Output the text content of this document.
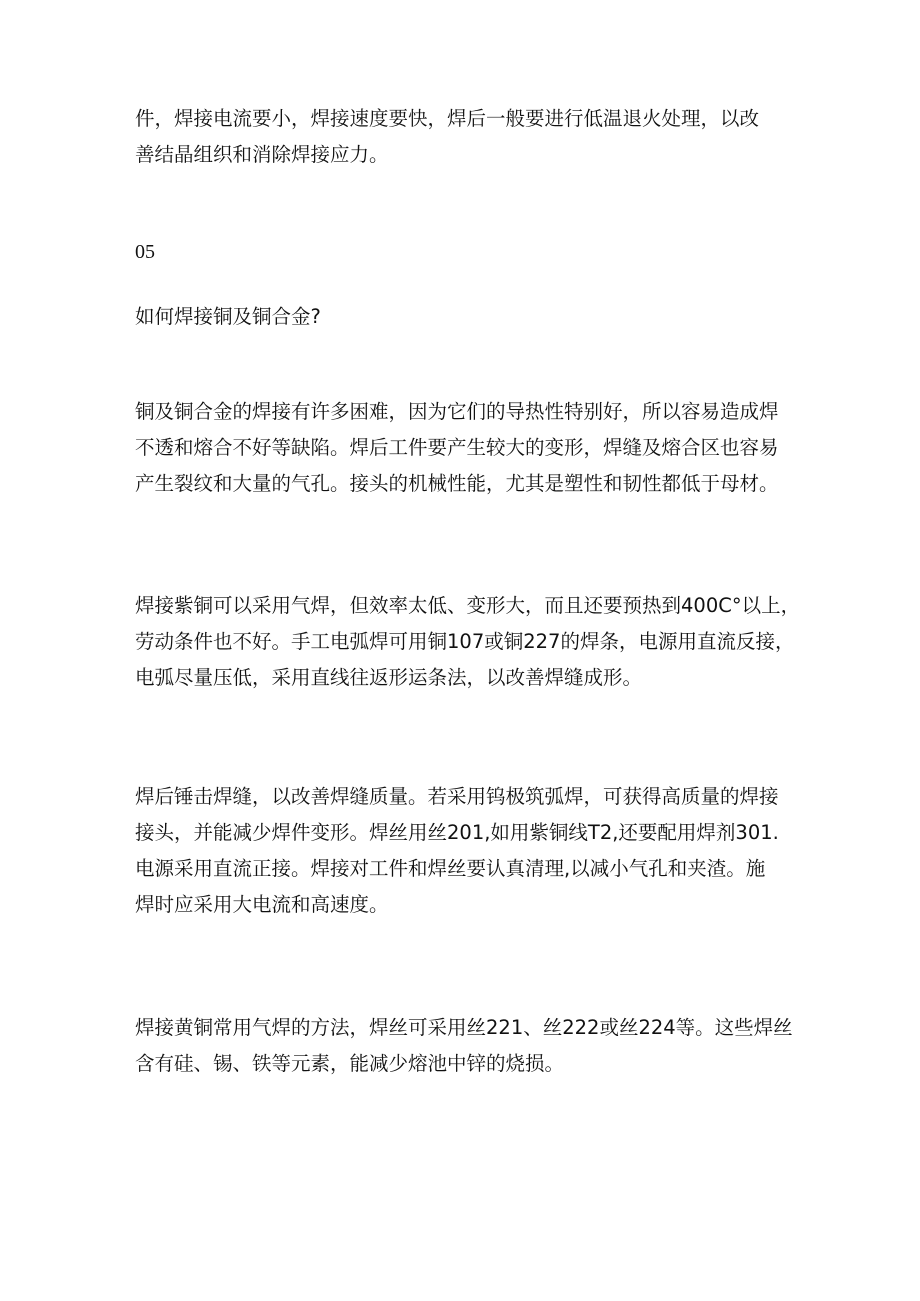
件，焊接电流要小，焊接速度要快，焊后一般要进行低温退火处理，以改
善结晶组织和消除焊接应力。
05
如何焊接铜及铜合金?
铜及铜合金的焊接有许多困难，因为它们的导热性特别好，所以容易造成焊
不透和熔合不好等缺陷。焊后工件要产生较大的变形，焊缝及熔合区也容易
产生裂纹和大量的气孔。接头的机械性能，尤其是塑性和韧性都低于母材。
焊接紫铜可以采用气焊，但效率太低、变形大，而且还要预热到400C°以上，
劳动条件也不好。手工电弧焊可用铜107或铜227的焊条，电源用直流反接，
电弧尽量压低，采用直线往返形运条法，以改善焊缝成形。
焊后锤击焊缝，以改善焊缝质量。若采用钨极筑弧焊，可获得高质量的焊接
接头，并能减少焊件变形。焊丝用丝201,如用紫铜线T2,还要配用焊剂301.
电源采用直流正接。焊接对工件和焊丝要认真清理,以减小气孔和夹渣。施
焊时应采用大电流和高速度。
焊接黄铜常用气焊的方法，焊丝可采用丝221、丝222或丝224等。这些焊丝
含有硅、锡、铁等元素，能减少熔池中锌的烧损。
